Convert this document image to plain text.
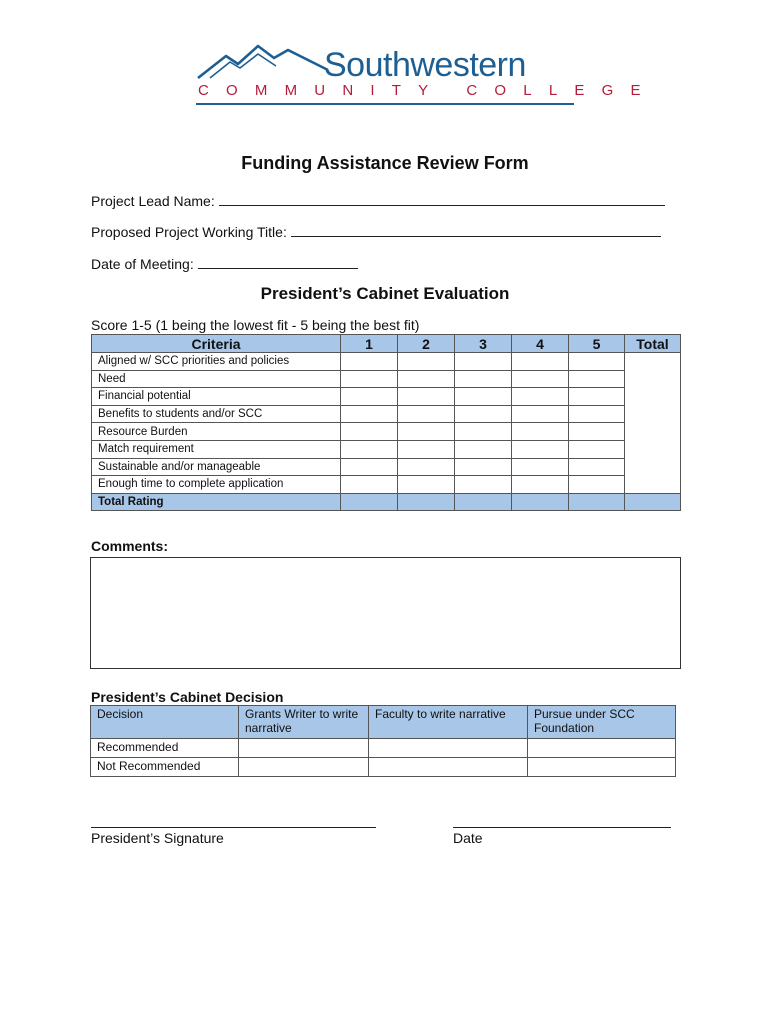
Southwestern
COMMUNITY COLLEGE
Funding Assistance Review Form
Project Lead Name:
Proposed Project Working Title:
Date of Meeting:
President’s Cabinet Evaluation
Score 1-5 (1 being the lowest fit - 5 being the best fit)
Criteria	1	2	3	4	5	Total
Aligned w/ SCC priorities and policies						
Need						
Financial potential						
Benefits to students and/or SCC						
Resource Burden						
Match requirement						
Sustainable and/or manageable						
Enough time to complete application						
Total Rating						
Comments:
President’s Cabinet Decision
Decision	Grants Writer to write narrative	Faculty to write narrative	Pursue under SCC Foundation
Recommended			
Not Recommended			
President’s Signature	Date
